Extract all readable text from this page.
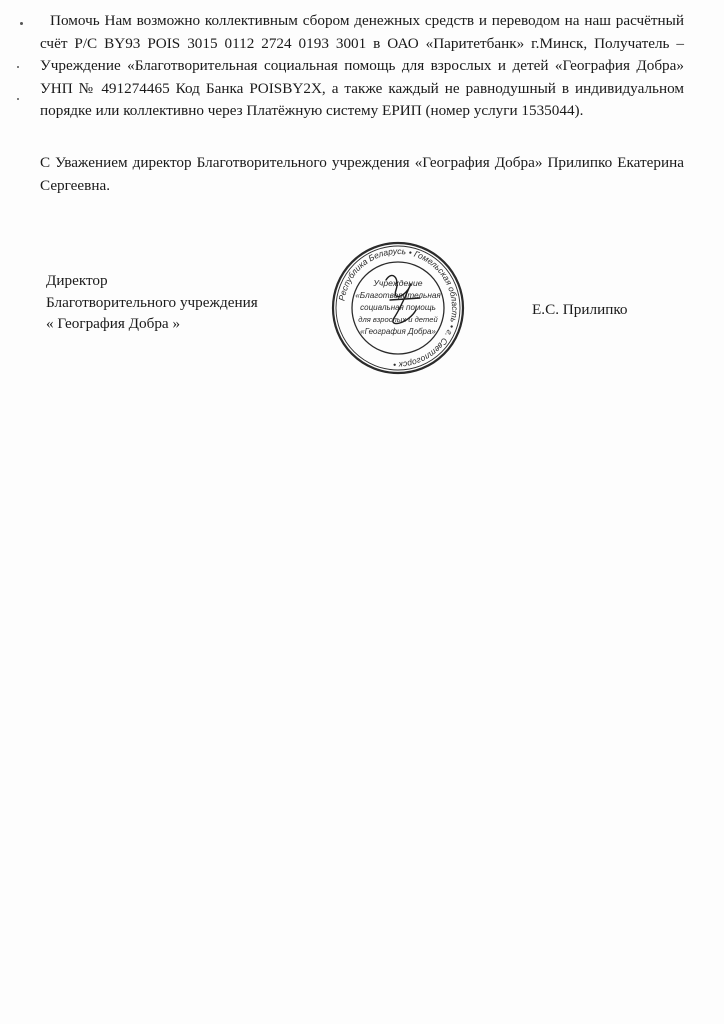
Помочь Нам возможно коллективным сбором денежных средств и переводом на наш расчётный счёт Р/С BY93 POIS 3015 0112 2724 0193 3001 в ОАО «Паритетбанк» г.Минск, Получатель – Учреждение «Благотворительная социальная помощь для взрослых и детей «География Добра» УНП № 491274465 Код Банка POISBY2X, а также каждый не равнодушный в индивидуальном порядке или коллективно через Платёжную систему ЕРИП (номер услуги 1535044).

С Уважением директор Благотворительного учреждения «География Добра» Прилипко Екатерина Сергеевна.

Директор
Благотворительного учреждения
« География Добра »
Е.С. Прилипко
Республика Беларусь • Гомельская область • г. Светлогорск •
Учреждение
«Благотворительная
социальная помощь
для взрослых и детей
«География Добра»
